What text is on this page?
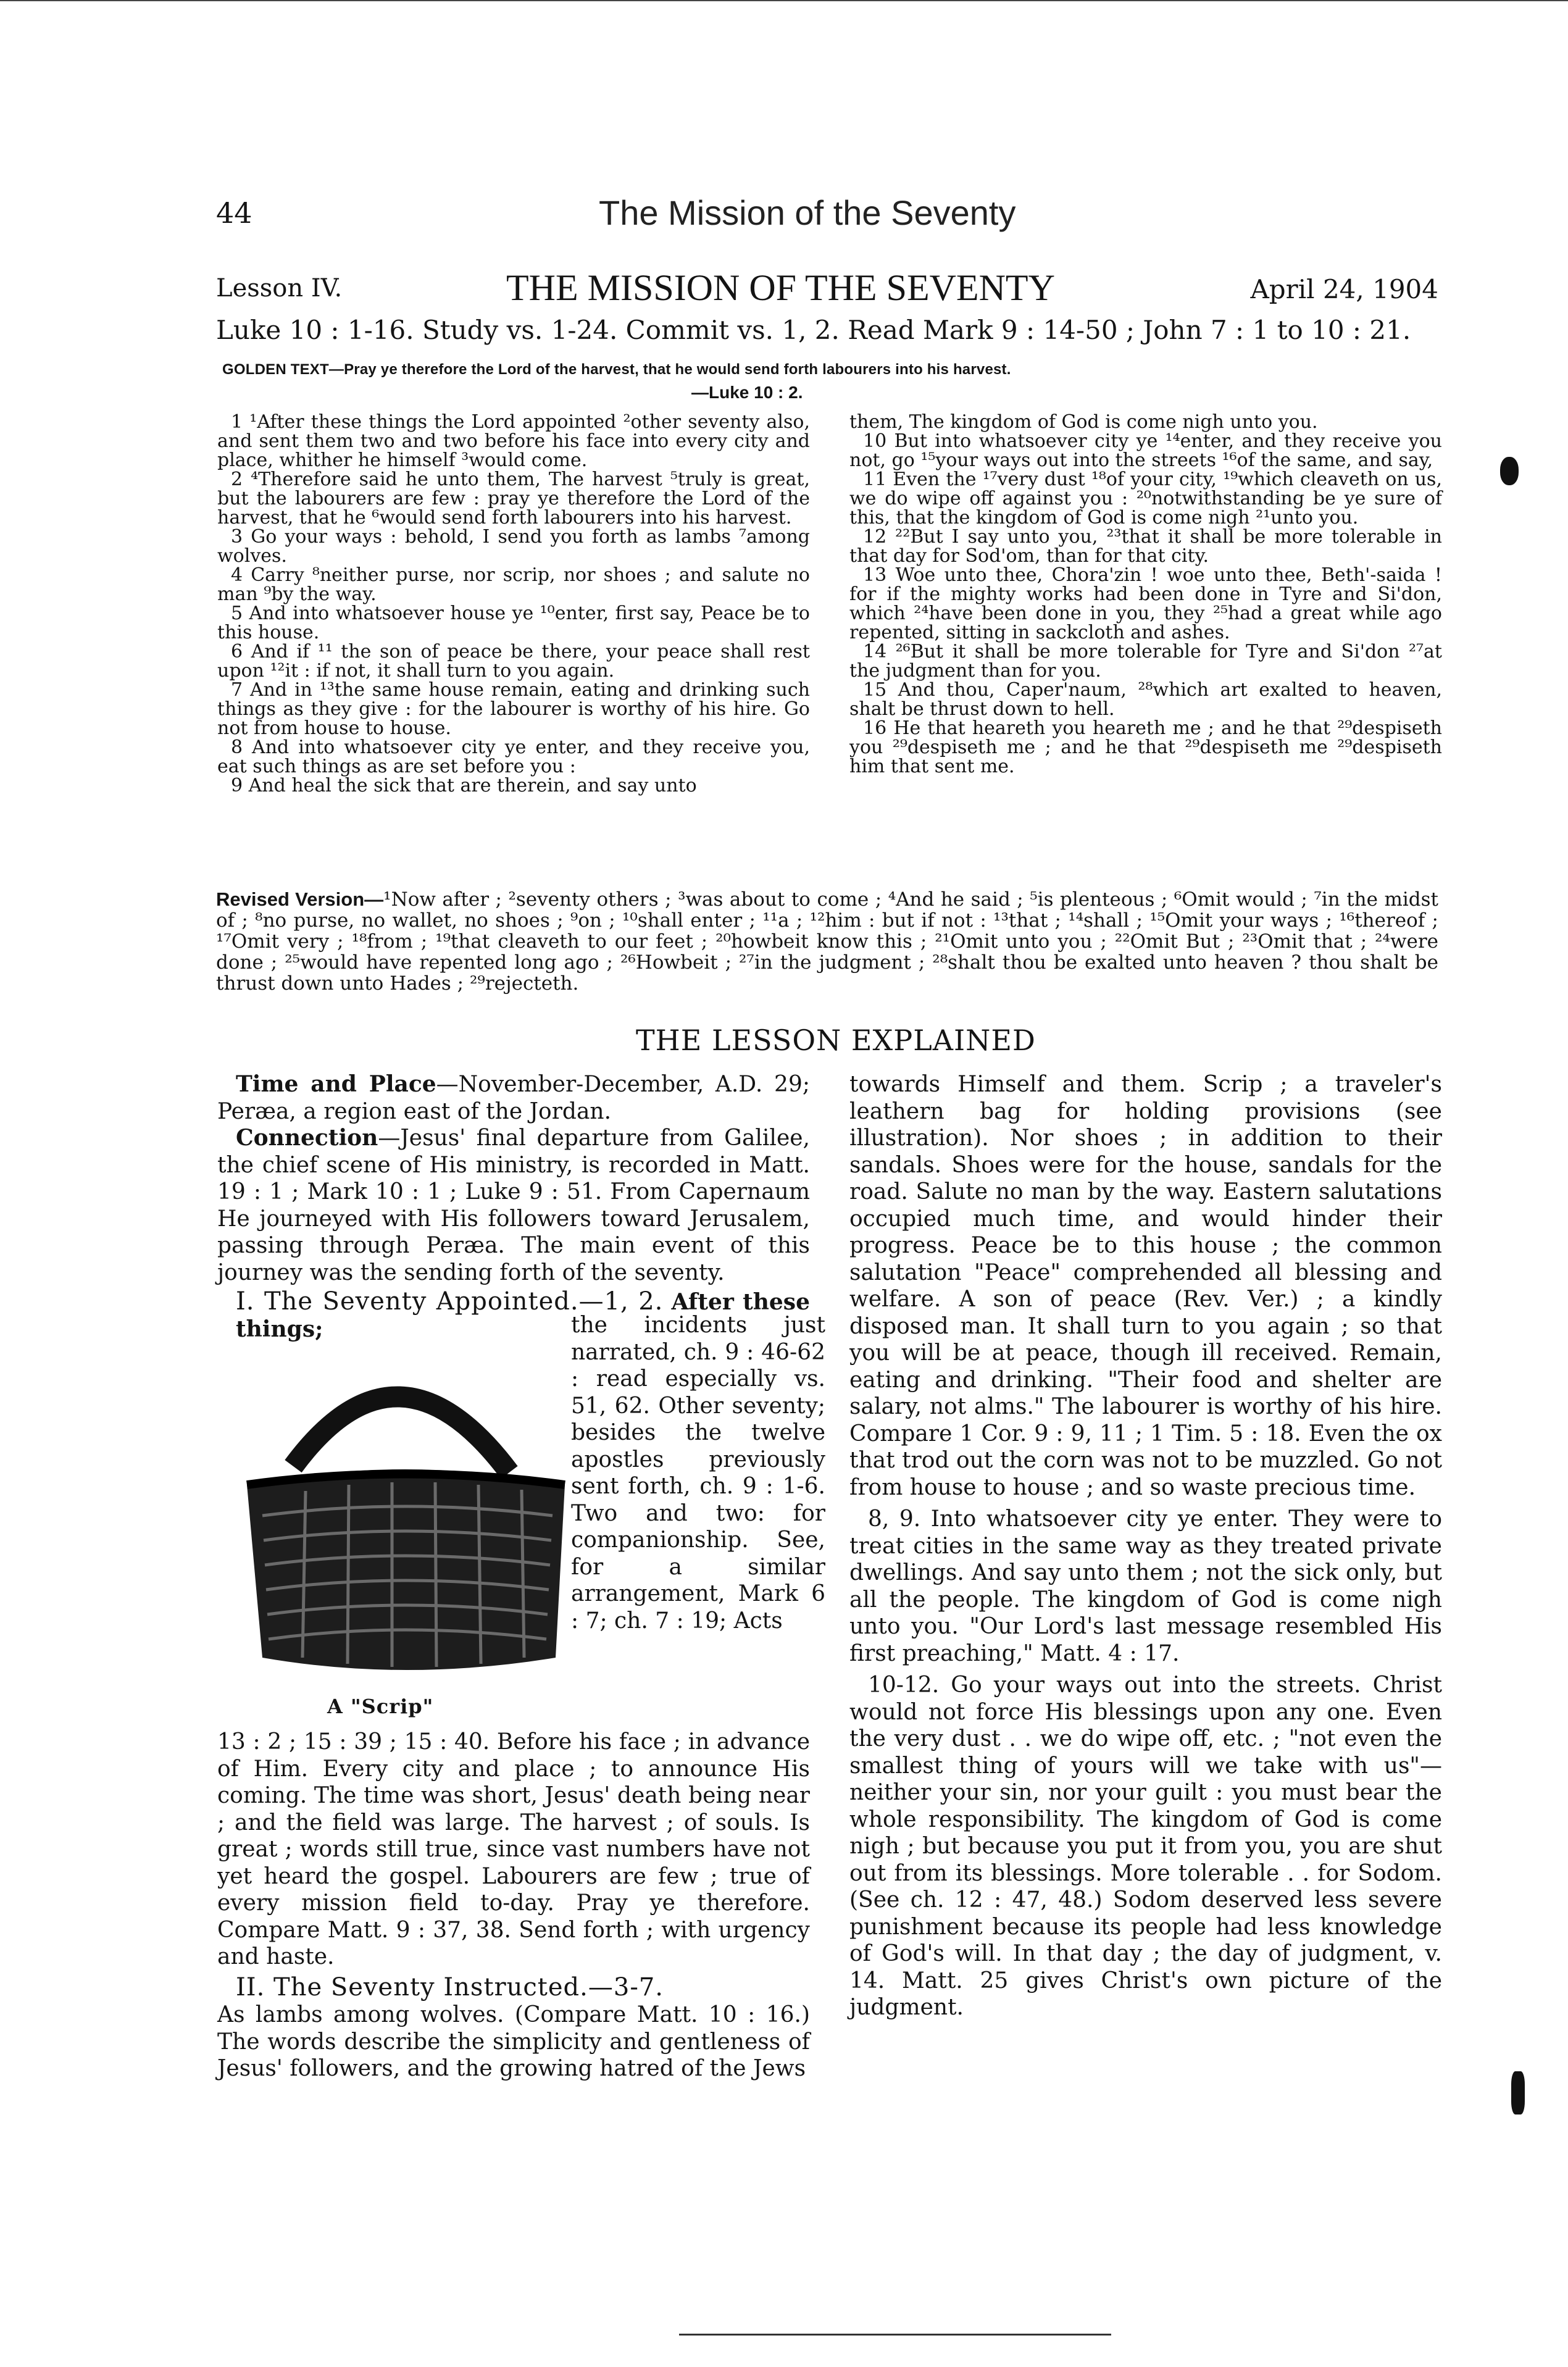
44	The Mission of the Seventy
Lesson IV.	THE MISSION OF THE SEVENTY	April 24, 1904
Luke 10 : 1-16. Study vs. 1-24. Commit vs. 1, 2. Read Mark 9 : 14-50 ; John 7 : 1 to 10 : 21.
GOLDEN TEXT—Pray ye therefore the Lord of the harvest, that he would send forth labourers into his harvest.
—Luke 10 : 2.

1 ¹After these things the Lord appointed ²other seventy also, and sent them two and two before his face into every city and place, whither he himself ³would come.

2 ⁴Therefore said he unto them, The harvest ⁵truly is great, but the labourers are few : pray ye therefore the Lord of the harvest, that he ⁶would send forth labourers into his harvest.

3 Go your ways : behold, I send you forth as lambs ⁷among wolves.

4 Carry ⁸neither purse, nor scrip, nor shoes ; and salute no man ⁹by the way.

5 And into whatsoever house ye ¹⁰enter, first say, Peace be to this house.

6 And if ¹¹ the son of peace be there, your peace shall rest upon ¹²it : if not, it shall turn to you again.

7 And in ¹³the same house remain, eating and drinking such things as they give : for the labourer is worthy of his hire. Go not from house to house.

8 And into whatsoever city ye enter, and they receive you, eat such things as are set before you :

9 And heal the sick that are therein, and say unto

them, The kingdom of God is come nigh unto you.

10 But into whatsoever city ye ¹⁴enter, and they receive you not, go ¹⁵your ways out into the streets ¹⁶of the same, and say,

11 Even the ¹⁷very dust ¹⁸of your city, ¹⁹which cleaveth on us, we do wipe off against you : ²⁰notwithstanding be ye sure of this, that the kingdom of God is come nigh ²¹unto you.

12 ²²But I say unto you, ²³that it shall be more tolerable in that day for Sod'om, than for that city.

13 Woe unto thee, Chora'zin ! woe unto thee, Beth'-saida ! for if the mighty works had been done in Tyre and Si'don, which ²⁴have been done in you, they ²⁵had a great while ago repented, sitting in sackcloth and ashes.

14 ²⁶But it shall be more tolerable for Tyre and Si'don ²⁷at the judgment than for you.

15 And thou, Caper'naum, ²⁸which art exalted to heaven, shalt be thrust down to hell.

16 He that heareth you heareth me ; and he that ²⁹despiseth you ²⁹despiseth me ; and he that ²⁹despiseth me ²⁹despiseth him that sent me.

Revised Version—¹Now after ; ²seventy others ; ³was about to come ; ⁴And he said ; ⁵is plenteous ; ⁶Omit would ; ⁷in the midst of ; ⁸no purse, no wallet, no shoes ; ⁹on ; ¹⁰shall enter ; ¹¹a ; ¹²him : but if not : ¹³that ; ¹⁴shall ; ¹⁵Omit your ways ; ¹⁶thereof ; ¹⁷Omit very ; ¹⁸from ; ¹⁹that cleaveth to our feet ; ²⁰howbeit know this ; ²¹Omit unto you ; ²²Omit But ; ²³Omit that ; ²⁴were done ; ²⁵would have repented long ago ; ²⁶Howbeit ; ²⁷in the judgment ; ²⁸shalt thou be exalted unto heaven ? thou shalt be thrust down unto Hades ; ²⁹rejecteth.
THE LESSON EXPLAINED

Time and Place—November-December, A.D. 29; Peræa, a region east of the Jordan.

Connection—Jesus' final departure from Galilee, the chief scene of His ministry, is recorded in Matt. 19 : 1 ; Mark 10 : 1 ; Luke 9 : 51. From Capernaum He journeyed with His followers toward Jerusalem, passing through Peræa. The main event of this journey was the sending forth of the seventy.

I. The Seventy Appointed.—1, 2. After these things;

A "Scrip"
the incidents just narrated, ch. 9 : 46-62 : read especially vs. 51, 62. Other seventy; besides the twelve apostles previously sent forth, ch. 9 : 1-6. Two and two: for companionship. See, for a similar arrangement, Mark 6 : 7; ch. 7 : 19; Acts

13 : 2 ; 15 : 39 ; 15 : 40. Before his face ; in advance of Him. Every city and place ; to announce His coming. The time was short, Jesus' death being near ; and the field was large. The harvest ; of souls. Is great ; words still true, since vast numbers have not yet heard the gospel. Labourers are few ; true of every mission field to-day. Pray ye therefore. Compare Matt. 9 : 37, 38. Send forth ; with urgency and haste.

II. The Seventy Instructed.—3-7.

As lambs among wolves. (Compare Matt. 10 : 16.) The words describe the simplicity and gentleness of Jesus' followers, and the growing hatred of the Jews

towards Himself and them. Scrip ; a traveler's leathern bag for holding provisions (see illustration). Nor shoes ; in addition to their sandals. Shoes were for the house, sandals for the road. Salute no man by the way. Eastern salutations occupied much time, and would hinder their progress. Peace be to this house ; the common salutation "Peace" comprehended all blessing and welfare. A son of peace (Rev. Ver.) ; a kindly disposed man. It shall turn to you again ; so that you will be at peace, though ill received. Remain, eating and drinking. "Their food and shelter are salary, not alms." The labourer is worthy of his hire. Compare 1 Cor. 9 : 9, 11 ; 1 Tim. 5 : 18. Even the ox that trod out the corn was not to be muzzled. Go not from house to house ; and so waste precious time.

8, 9. Into whatsoever city ye enter. They were to treat cities in the same way as they treated private dwellings. And say unto them ; not the sick only, but all the people. The kingdom of God is come nigh unto you. "Our Lord's last message resembled His first preaching," Matt. 4 : 17.

10-12. Go your ways out into the streets. Christ would not force His blessings upon any one. Even the very dust . . we do wipe off, etc. ; "not even the smallest thing of yours will we take with us"—neither your sin, nor your guilt : you must bear the whole responsibility. The kingdom of God is come nigh ; but because you put it from you, you are shut out from its blessings. More tolerable . . for Sodom. (See ch. 12 : 47, 48.) Sodom deserved less severe punishment because its people had less knowledge of God's will. In that day ; the day of judgment, v. 14. Matt. 25 gives Christ's own picture of the judgment.
